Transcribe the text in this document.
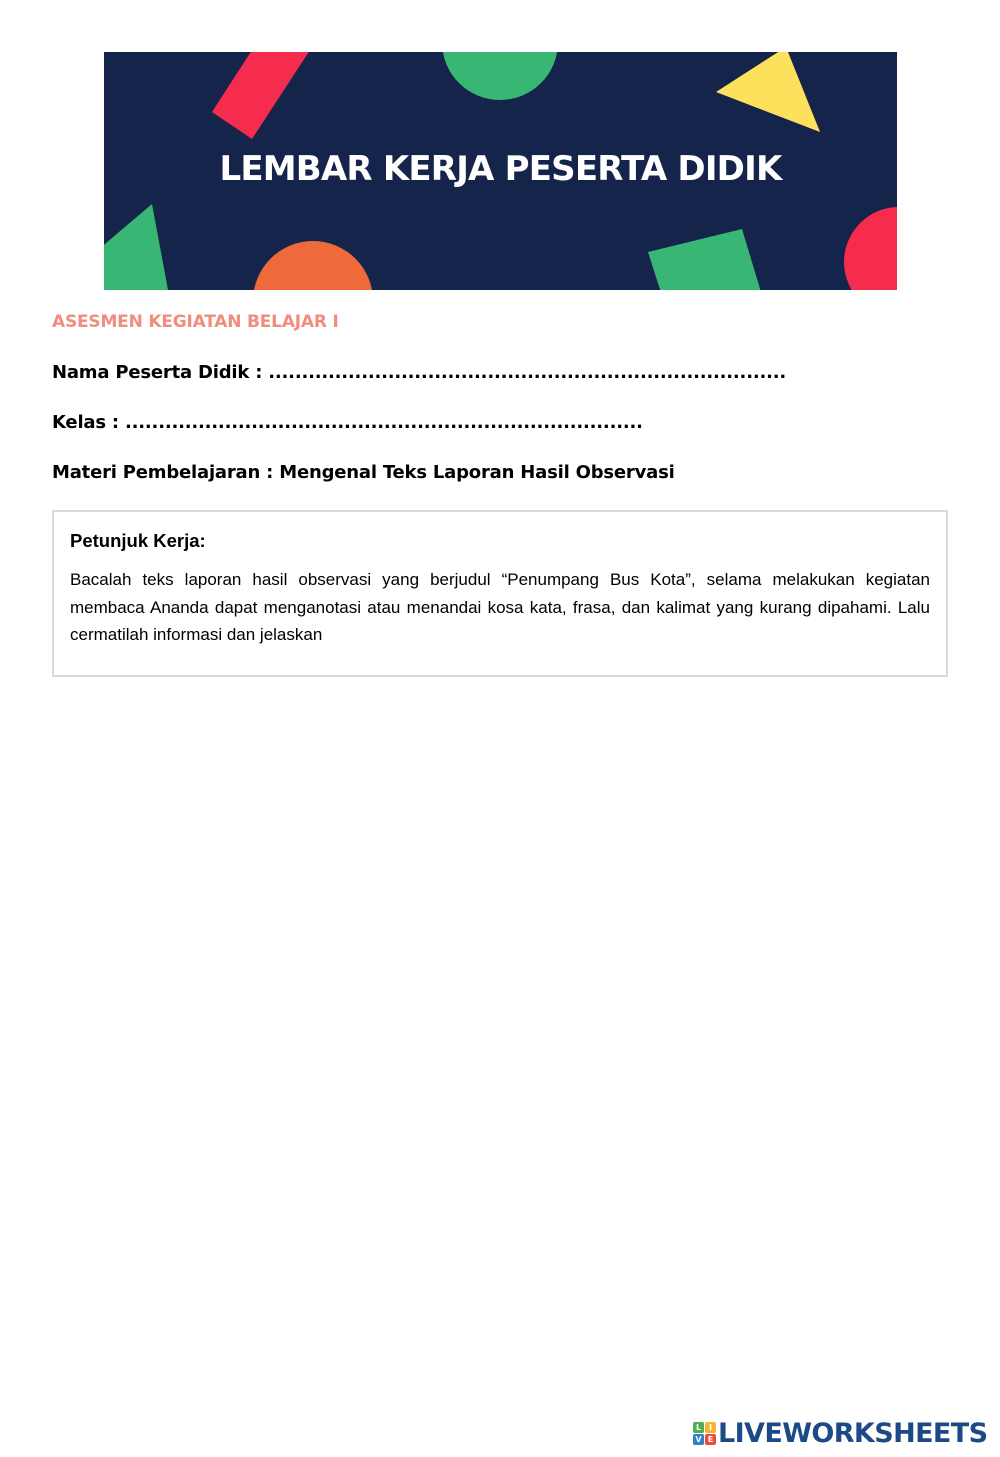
LEMBAR KERJA PESERTA DIDIK
ASESMEN KEGIATAN BELAJAR I
Nama Peserta Didik : ..............................................................................
Kelas : ..............................................................................
Materi Pembelajaran : Mengenal Teks Laporan Hasil Observasi

Petunjuk Kerja:

Bacalah teks laporan hasil observasi yang berjudul “Penumpang Bus Kota”, selama melakukan kegiatan membaca Ananda dapat menganotasi atau menandai kosa kata, frasa, dan kalimat yang kurang dipahami. Lalu cermatilah informasi dan jelaskan

L I
V E LIVEWORKSHEETS
